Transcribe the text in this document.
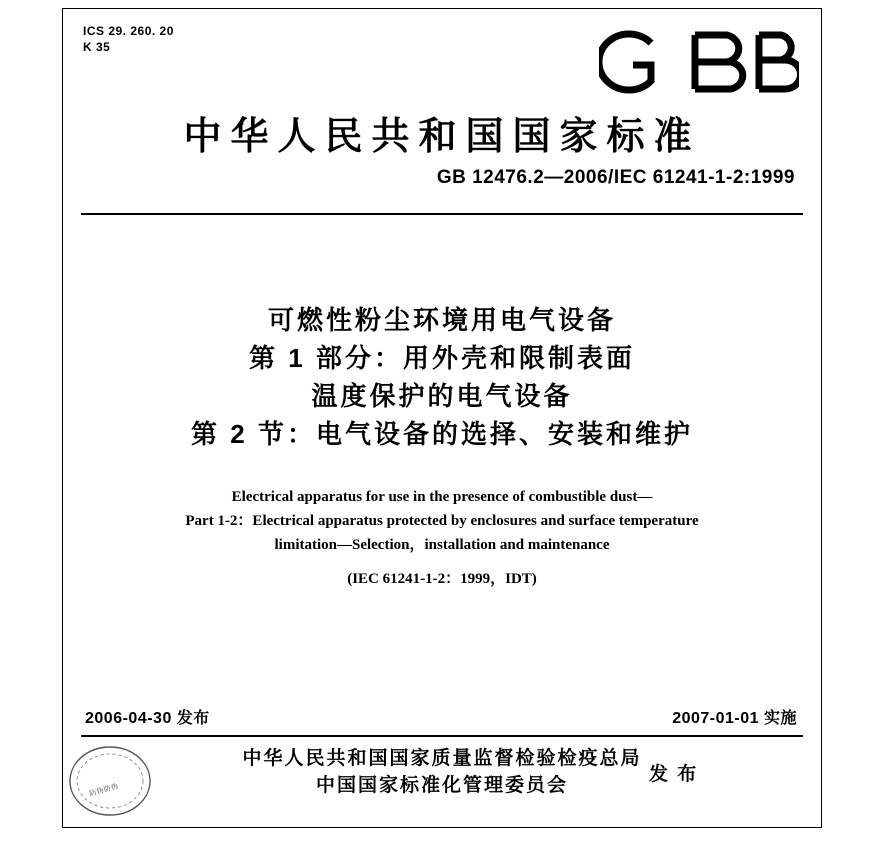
ICS 29. 260. 20
K 35
中华人民共和国国家标准
GB 12476.2—2006/IEC 61241-1-2:1999
可燃性粉尘环境用电气设备
第 1 部分：用外壳和限制表面
温度保护的电气设备
第 2 节：电气设备的选择、安装和维护
Electrical apparatus for use in the presence of combustible dust—
Part 1-2：Electrical apparatus protected by enclosures and surface temperature
limitation—Selection，installation and maintenance
(IEC 61241-1-2：1999，IDT)
2006-04-30 发布	2007-01-01 实施
中华人民共和国国家质量监督检验检疫总局
中国国家标准化管理委员会
发 布
防伪防伪
